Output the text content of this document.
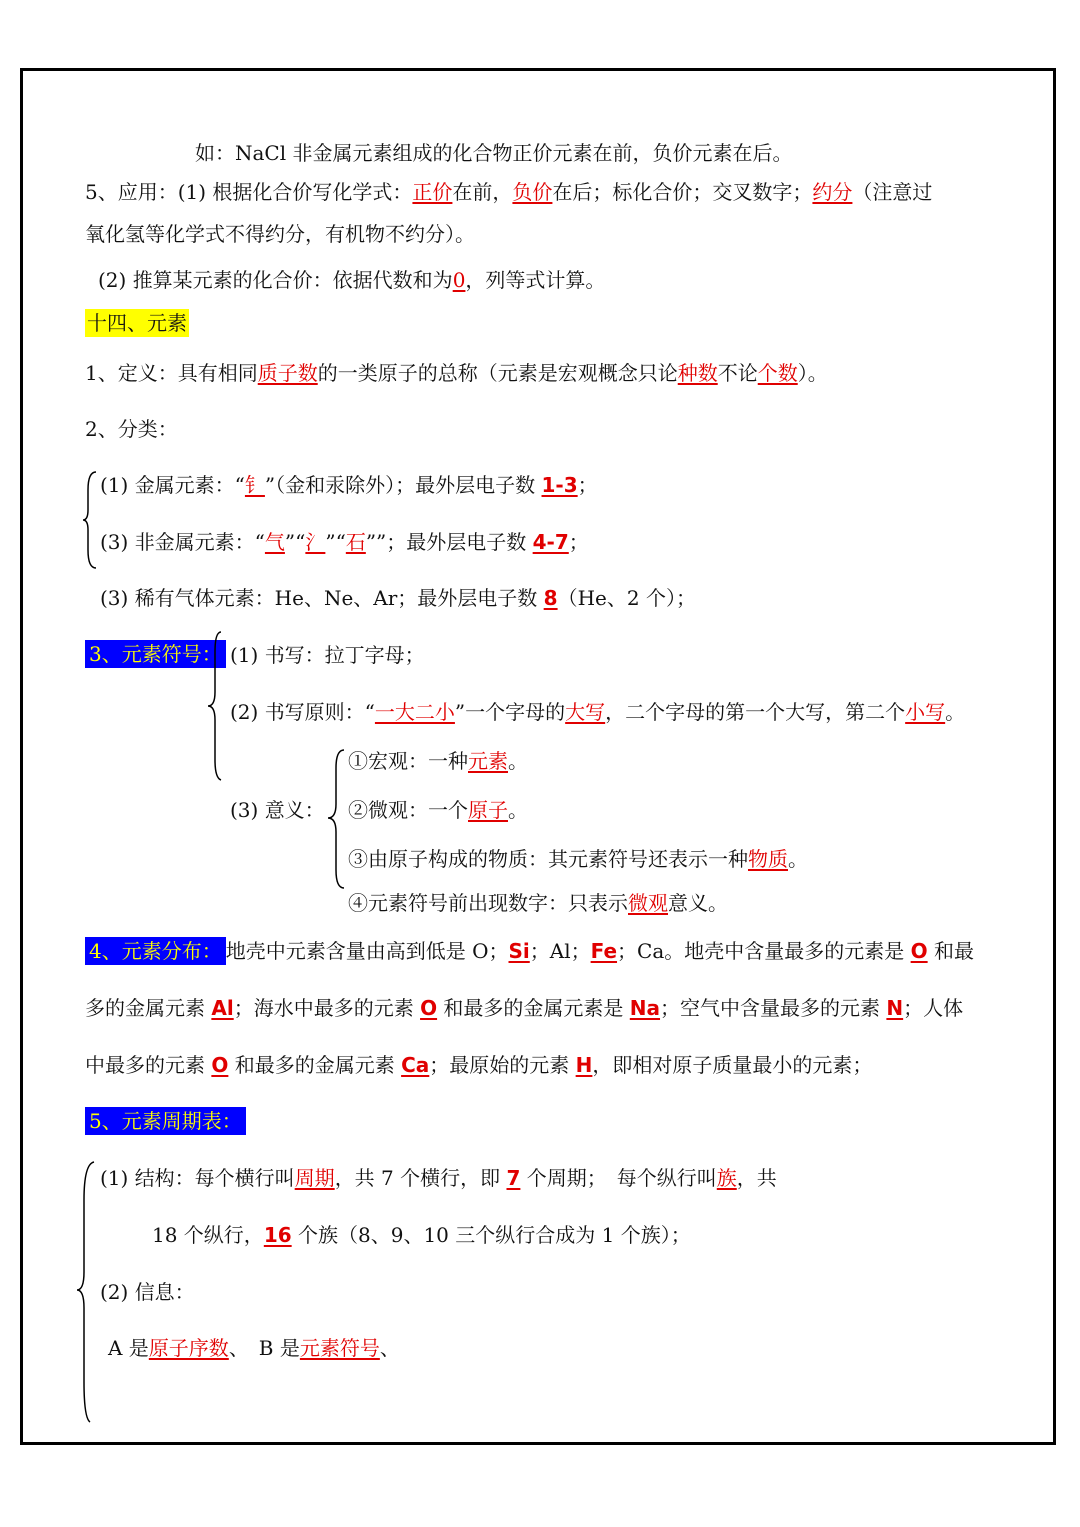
如：NaCl 非金属元素组成的化合物正价元素在前，负价元素在后。
5、应用：(1) 根据化合价写化学式：正价在前，负价在后；标化合价；交叉数字；约分（注意过
氧化氢等化学式不得约分，有机物不约分）。
(2) 推算某元素的化合价：依据代数和为0，列等式计算。
十四、元素
1、定义：具有相同质子数的一类原子的总称（元素是宏观概念只论种数不论个数）。
2、分类：
(1) 金属元素：“钅”（金和汞除外）；最外层电子数 1-3；
(3) 非金属元素：“气”“氵”“石””；最外层电子数 4-7；
(3) 稀有气体元素：He、Ne、Ar；最外层电子数 8（He、2 个）；
3、元素符号： (1) 书写：拉丁字母；
(2) 书写原则：“一大二小”一个字母的大写，二个字母的第一个大写，第二个小写。
①宏观：一种元素。
(3) 意义： ②微观：一个原子。
③由原子构成的物质：其元素符号还表示一种物质。
④元素符号前出现数字：只表示微观意义。
4、元素分布： 地壳中元素含量由高到低是 O；Si；Al；Fe；Ca。地壳中含量最多的元素是 O 和最
多的金属元素 Al；海水中最多的元素 O 和最多的金属元素是 Na；空气中含量最多的元素 N；人体
中最多的元素 O 和最多的金属元素 Ca；最原始的元素 H，即相对原子质量最小的元素；
5、元素周期表：
(1) 结构：每个横行叫周期，共 7 个横行，即 7 个周期；　每个纵行叫族，共
18 个纵行，16 个族（8、9、10 三个纵行合成为 1 个族）；
(2) 信息：
A 是原子序数、　B 是元素符号、
